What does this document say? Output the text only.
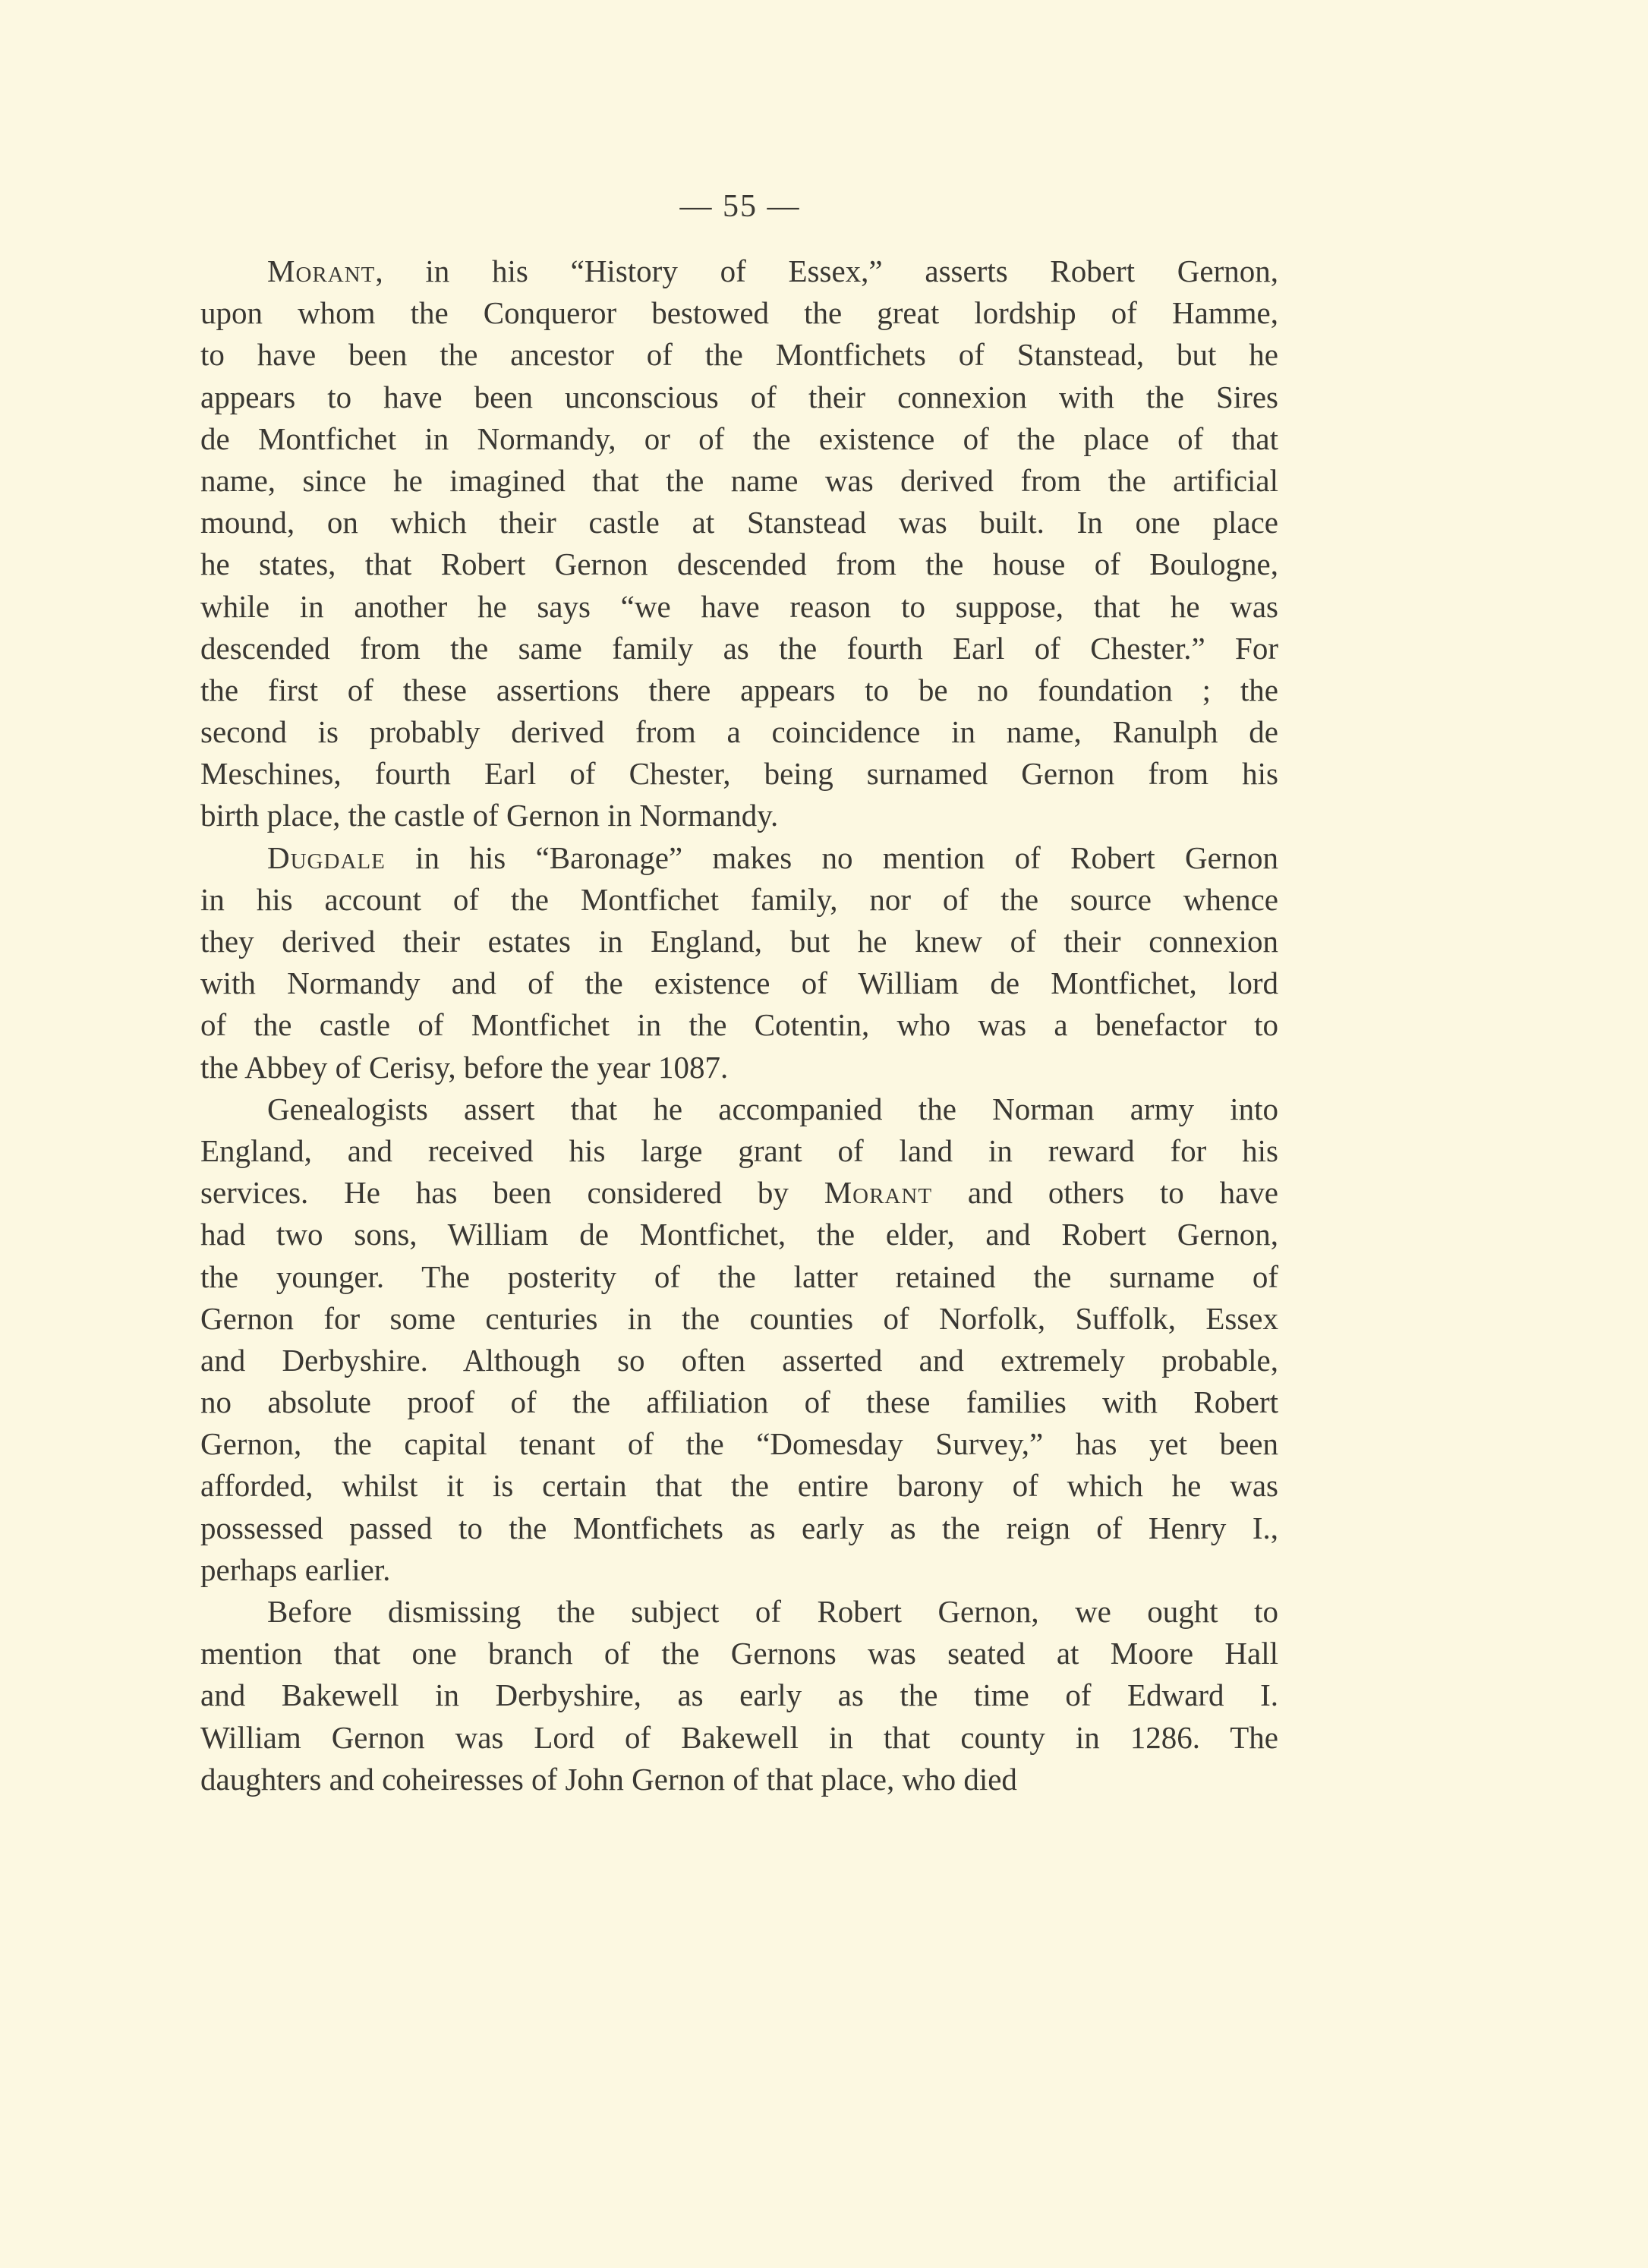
— 55 —
Morant, in his “History of Essex,” asserts Robert Gernon,
upon whom the Conqueror bestowed the great lordship of Hamme,
to have been the ancestor of the Montfichets of Stanstead, but he
appears to have been unconscious of their connexion with the Sires
de Montfichet in Normandy, or of the existence of the place of that
name, since he imagined that the name was derived from the artificial
mound, on which their castle at Stanstead was built. In one place
he states, that Robert Gernon descended from the house of Boulogne,
while in another he says “we have reason to suppose, that he was
descended from the same family as the fourth Earl of Chester.” For
the first of these assertions there appears to be no foundation ; the
second is probably derived from a coincidence in name, Ranulph de
Meschines, fourth Earl of Chester, being surnamed Gernon from his
birth place, the castle of Gernon in Normandy.
Dugdale in his “Baronage” makes no mention of Robert Gernon
in his account of the Montfichet family, nor of the source whence
they derived their estates in England, but he knew of their connexion
with Normandy and of the existence of William de Montfichet, lord
of the castle of Montfichet in the Cotentin, who was a benefactor to
the Abbey of Cerisy, before the year 1087.
Genealogists assert that he accompanied the Norman army into
England, and received his large grant of land in reward for his
services. He has been considered by Morant and others to have
had two sons, William de Montfichet, the elder, and Robert Gernon,
the younger. The posterity of the latter retained the surname of
Gernon for some centuries in the counties of Norfolk, Suffolk, Essex
and Derbyshire. Although so often asserted and extremely probable,
no absolute proof of the affiliation of these families with Robert
Gernon, the capital tenant of the “Domesday Survey,” has yet been
afforded, whilst it is certain that the entire barony of which he was
possessed passed to the Montfichets as early as the reign of Henry I.,
perhaps earlier.
Before dismissing the subject of Robert Gernon, we ought to
mention that one branch of the Gernons was seated at Moore Hall
and Bakewell in Derbyshire, as early as the time of Edward I.
William Gernon was Lord of Bakewell in that county in 1286. The
daughters and coheiresses of John Gernon of that place, who died
